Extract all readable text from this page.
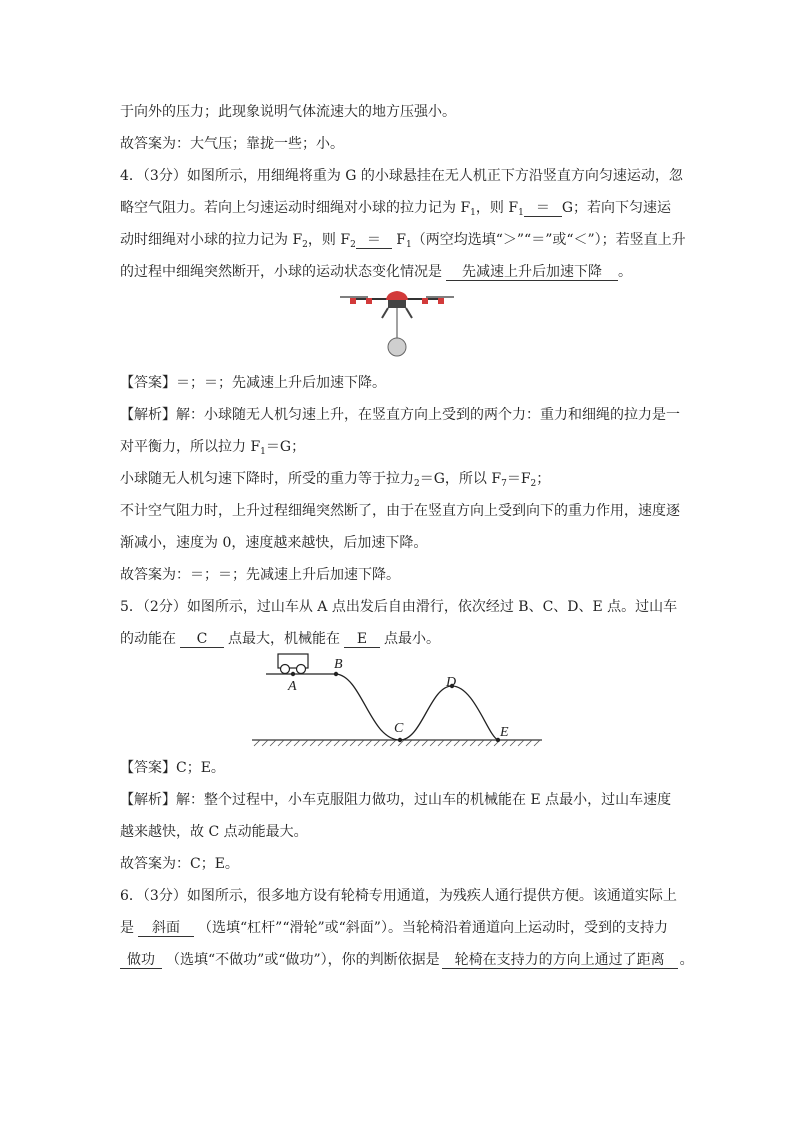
于向外的压力；此现象说明气体流速大的地方压强小。
故答案为：大气压；靠拢一些；小。
4．（3分）如图所示，用细绳将重为 G 的小球悬挂在无人机正下方沿竖直方向匀速运动，忽
略空气阻力。若向上匀速运动时细绳对小球的拉力记为 $F_1$，则 $F_1 = G$；若向下匀速运
动时细绳对小球的拉力记为 $F_2$，则 $F_2 = F_1$（两空均选填“＞”“＝”或“＜”）；若竖直上升
的过程中细绳突然断开，小球的运动状态变化情况是 先减速上升后加速下降 。
【答案】＝；＝；先减速上升后加速下降。
【解析】解：小球随无人机匀速上升，在竖直方向上受到的两个力：重力和细绳的拉力是一
对平衡力，所以拉力 $F_1=G$；
小球随无人机匀速下降时，所受的重力等于拉力$_2$＝G，所以 $F_7=F_2$；
不计空气阻力时，上升过程细绳突然断了，由于在竖直方向上受到向下的重力作用，速度逐
渐减小，速度为 0，速度越来越快，后加速下降。
故答案为：＝；＝；先减速上升后加速下降。
5．（2分）如图所示，过山车从 A 点出发后自由滑行，依次经过 B、C、D、E 点。过山车
的动能在 C 点最大，机械能在 E 点最小。
A
B
C
D
E
【答案】C；E。
【解析】解：整个过程中，小车克服阻力做功，过山车的机械能在 E 点最小，过山车速度
越来越快，故 C 点动能最大。
故答案为：C；E。
6．（3分）如图所示，很多地方设有轮椅专用通道，为残疾人通行提供方便。该通道实际上
是 斜面 （选填“杠杆”“滑轮”或“斜面”）。当轮椅沿着通道向上运动时，受到的支持力
做功 （选填“不做功”或“做功”），你的判断依据是 轮椅在支持力的方向上通过了距离 。
